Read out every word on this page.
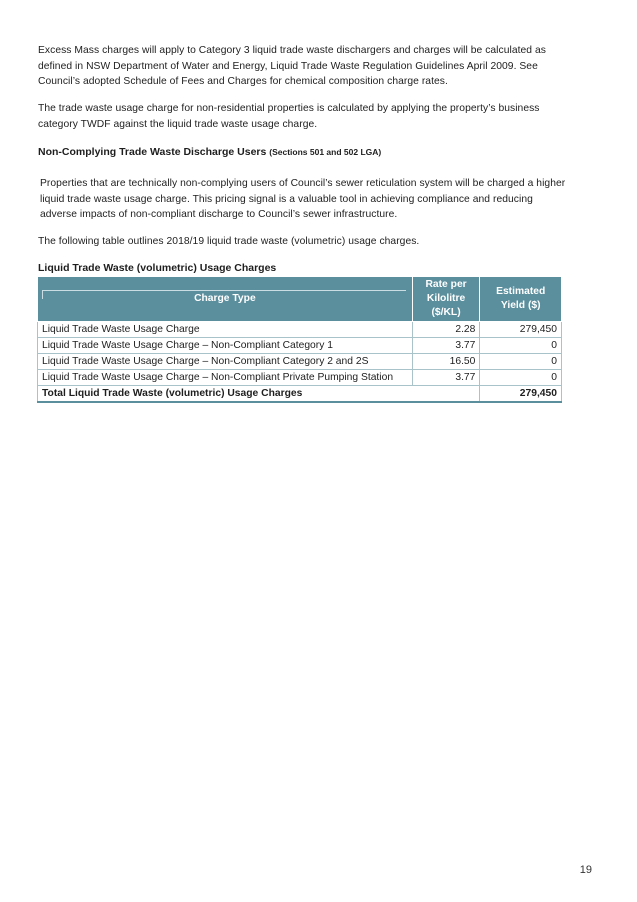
Excess Mass charges will apply to Category 3 liquid trade waste dischargers and charges will be calculated as defined in NSW Department of Water and Energy, Liquid Trade Waste Regulation Guidelines April 2009. See Council’s adopted Schedule of Fees and Charges for chemical composition charge rates.

The trade waste usage charge for non-residential properties is calculated by applying the property’s business category TWDF against the liquid trade waste usage charge.

Non-Complying Trade Waste Discharge Users (Sections 501 and 502 LGA)

Properties that are technically non-complying users of Council’s sewer reticulation system will be charged a higher liquid trade waste usage charge. This pricing signal is a valuable tool in achieving compliance and reducing adverse impacts of non-compliant discharge to Council’s sewer infrastructure.

The following table outlines 2018/19 liquid trade waste (volumetric) usage charges.

Liquid Trade Waste (volumetric) Usage Charges

Charge Type	Rate per Kilolitre ($/KL)	Estimated Yield ($)
Liquid Trade Waste Usage Charge	2.28	279,450
Liquid Trade Waste Usage Charge – Non-Compliant Category 1	3.77	0
Liquid Trade Waste Usage Charge – Non-Compliant Category 2 and 2S	16.50	0
Liquid Trade Waste Usage Charge – Non-Compliant Private Pumping Station	3.77	0
Total Liquid Trade Waste (volumetric) Usage Charges		279,450
19
